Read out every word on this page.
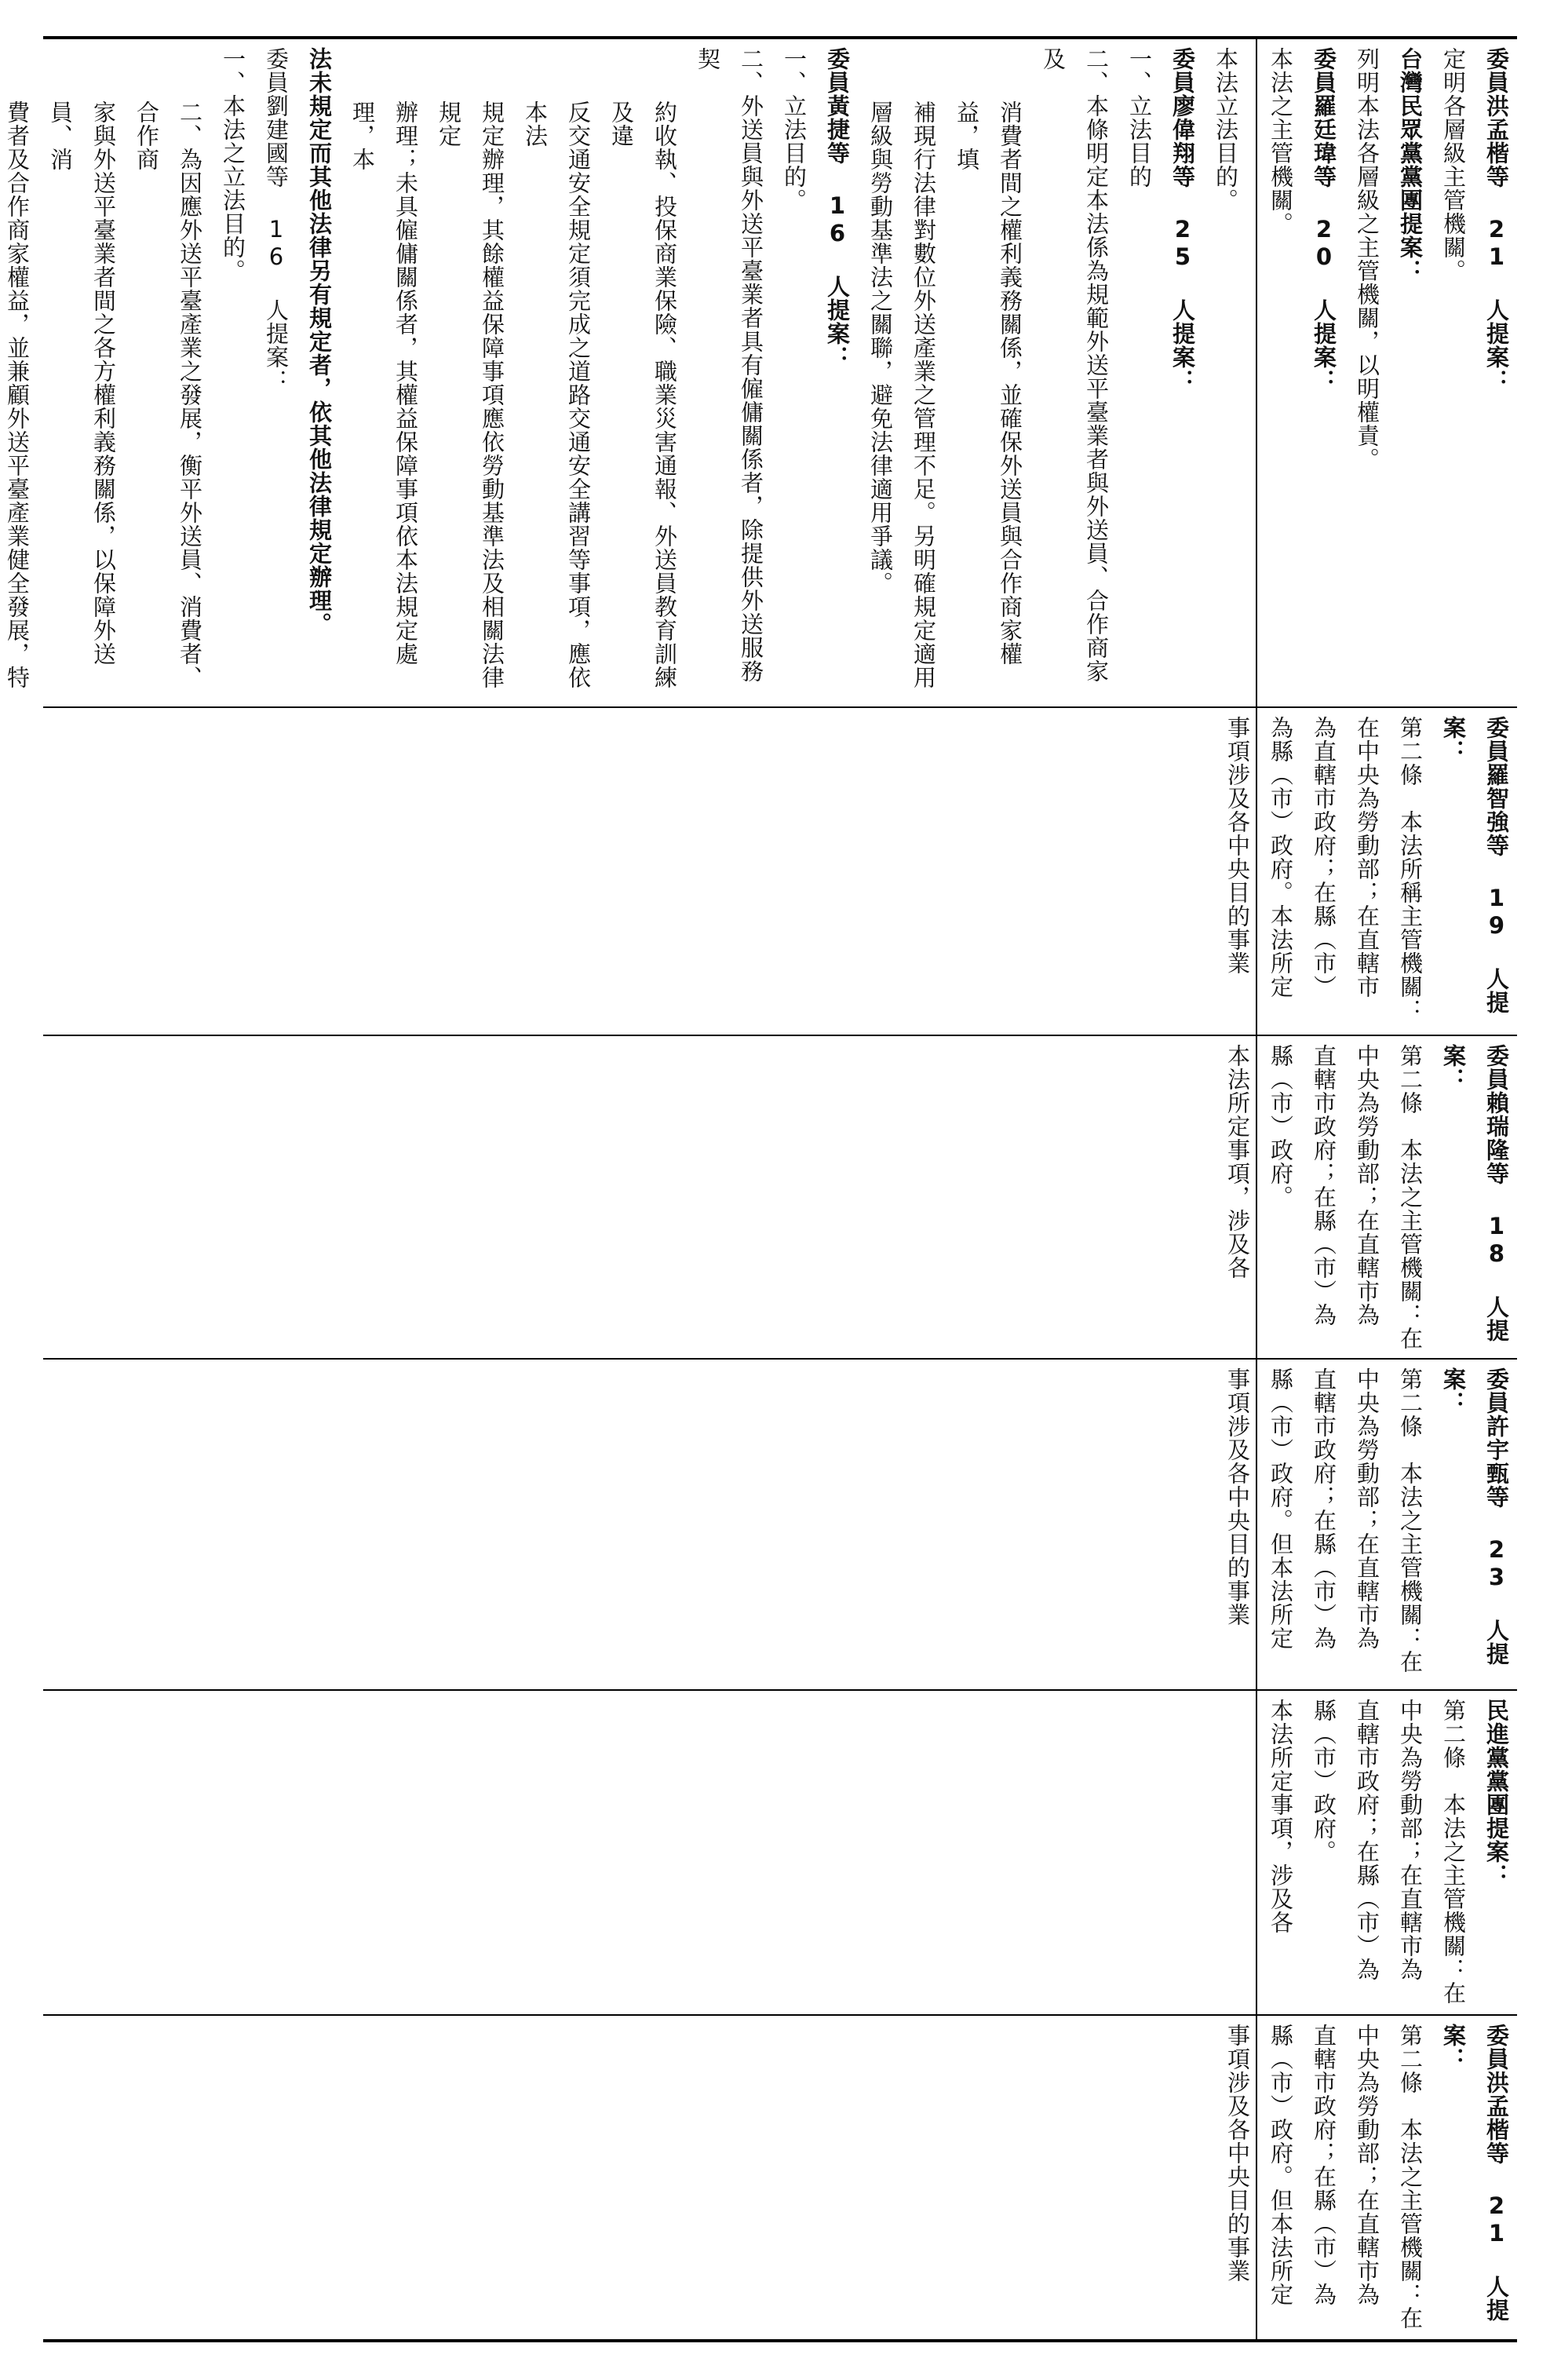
本法立法目的。

委員廖偉翔等 25 人提案：

一、立法目的

二、本條明定本法係為規範外送平臺業者與外送員、合作商家及

消費者間之權利義務關係，並確保外送員與合作商家權益，填

補現行法律對數位外送產業之管理不足。另明確規定適用層級與勞動基準法之關聯，避免法律適用爭議。

委員黃捷等 16 人提案：

一、立法目的。

二、外送員與外送平臺業者具有僱傭關係者，除提供外送服務契

約收執、投保商業保險、職業災害通報、外送員教育訓練及違

反交通安全規定須完成之道路交通安全講習等事項，應依本法

規定辦理，其餘權益保障事項應依勞動基準法及相關法律規定

辦理；未具僱傭關係者，其權益保障事項依本法規定處理，本

法未規定而其他法律另有規定者，依其他法律規定辦理。

委員劉建國等 16 人提案：

一、本法之立法目的。

二、為因應外送平臺產業之發展，衡平外送員、消費者、合作商

家與外送平臺業者間之各方權利義務關係，以保障外送員、消

費者及合作商家權益，並兼顧外送平臺產業健全發展，特

委員洪孟楷等 21 人提案：

定明各層級主管機關。

台灣民眾黨黨團提案：

列明本法各層級之主管機關，以明權責。

委員羅廷瑋等 20 人提案：

本法之主管機關。

委員羅智強等 19 人提案：

第二條　本法所稱主管機關：

在中央為勞動部；在直轄市

為直轄市政府；在縣（市）

為縣（市）政府。本法所定

事項涉及各中央目的事業

委員賴瑞隆等 18 人提案：

第二條　本法之主管機關：在

中央為勞動部；在直轄市為

直轄市政府；在縣（市）為

縣（市）政府。

本法所定事項，涉及各

委員許宇甄等 23 人提案：

第二條　本法之主管機關：在

中央為勞動部；在直轄市為

直轄市政府；在縣（市）為

縣（市）政府。但本法所定

事項涉及各中央目的事業

民進黨黨團提案：

第二條　本法之主管機關：在

中央為勞動部；在直轄市為

直轄市政府；在縣（市）為

縣（市）政府。

本法所定事項，涉及各

委員洪孟楷等 21 人提案：

第二條　本法之主管機關：在

中央為勞動部；在直轄市為

直轄市政府；在縣（市）為

縣（市）政府。但本法所定

事項涉及各中央目的事業
